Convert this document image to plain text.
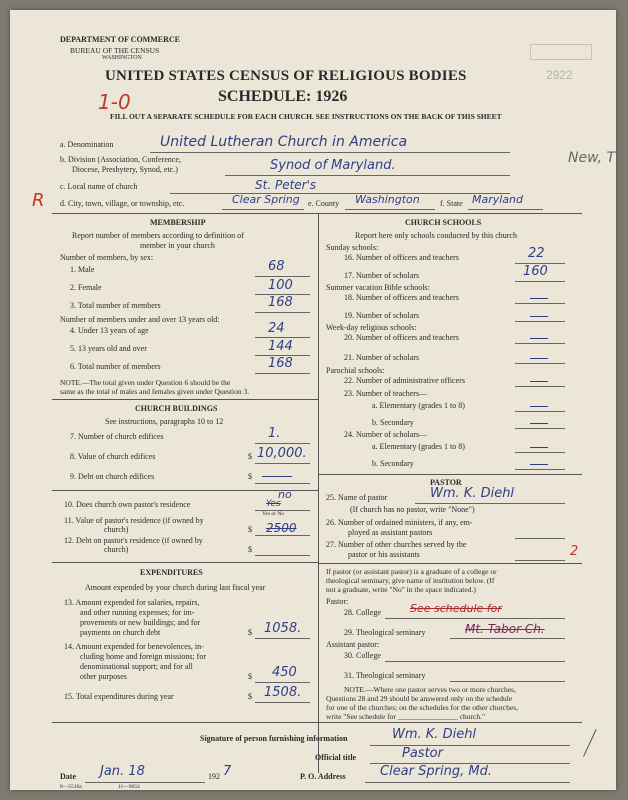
DEPARTMENT OF COMMERCE
BUREAU OF THE CENSUS
WASHINGTON
UNITED STATES CENSUS OF RELIGIOUS BODIES
SCHEDULE: 1926
FILL OUT A SEPARATE SCHEDULE FOR EACH CHURCH. SEE INSTRUCTIONS ON THE BACK OF THIS SHEET
1-0
2922
a. Denomination	United Lutheran Church in America
b. Division (Association, Conference,
Diocese, Presbytery, Synod, etc.)	Synod of Maryland.
c. Local name of church	St. Peter's
d. City, town, village, or township, etc.	Clear Spring e. County Washington	f. State Maryland
R
New, T
MEMBERSHIP
Report number of members according to definition of
member in your church
Number of members, by sex:
1. Male	68
2. Female	100
3. Total number of members	168
Number of members under and over 13 years old:
4. Under 13 years of age	24
5. 13 years old and over	144
6. Total number of members	168
NOTE.—The total given under Question 6 should be the
same as the total of males and females given under Question 3.
CHURCH BUILDINGS
See instructions, paragraphs 10 to 12
7. Number of church edifices	1.
8. Value of church edifices	$ 10,000.
9. Debt on church edifices	$
10. Does church own pastor's residence	Yes
no
Yes or No
11. Value of pastor's residence (if owned by
church)	$ 2500
12. Debt on pastor's residence (if owned by
church)	$
EXPENDITURES
Amount expended by your church during last fiscal year
13. Amount expended for salaries, repairs,
and other running expenses; for im-
provements or new buildings; and for
payments on church debt	$ 1058.
14. Amount expended for benevolences, in-
cluding home and foreign missions; for
denominational support; and for all
other purposes	$ 450
15. Total expenditures during year	$ 1508.
CHURCH SCHOOLS
Report here only schools conducted by this church
Sunday schools:
16. Number of officers and teachers	22
17. Number of scholars	160
Summer vacation Bible schools:
18. Number of officers and teachers
19. Number of scholars
Week-day religious schools:
20. Number of officers and teachers
21. Number of scholars
Parochial schools:
22. Number of administrative officers
23. Number of teachers—
a. Elementary (grades 1 to 8)
b. Secondary
24. Number of scholars—
a. Elementary (grades 1 to 8)
b. Secondary
PASTOR
25. Name of pastor	Wm. K. Diehl
(If church has no pastor, write "None")
26. Number of ordained ministers, if any, em-
ployed as assistant pastors
27. Number of other churches served by the
pastor or his assistants	2
If pastor (or assistant pastor) is a graduate of a college or
theological seminary, give name of institution below. (If
not a graduate, write "No" in the space indicated.)
Pastor:
28. College	See schedule for
29. Theological seminary	Mt. Tabor Ch.
Assistant pastor:
30. College
31. Theological seminary
NOTE.—Where one pastor serves two or more churches,
Questions 28 and 29 should be answered only on the schedule
for one of the churches; on the schedules for the other churches,
write "See schedule for ________________ church."
Signature of person furnishing information	Wm. K. Diehl
Official title	Pastor
Date Jan. 18	192 7	P. O. Address	Clear Spring, Md.
8—5518a	11—9054
